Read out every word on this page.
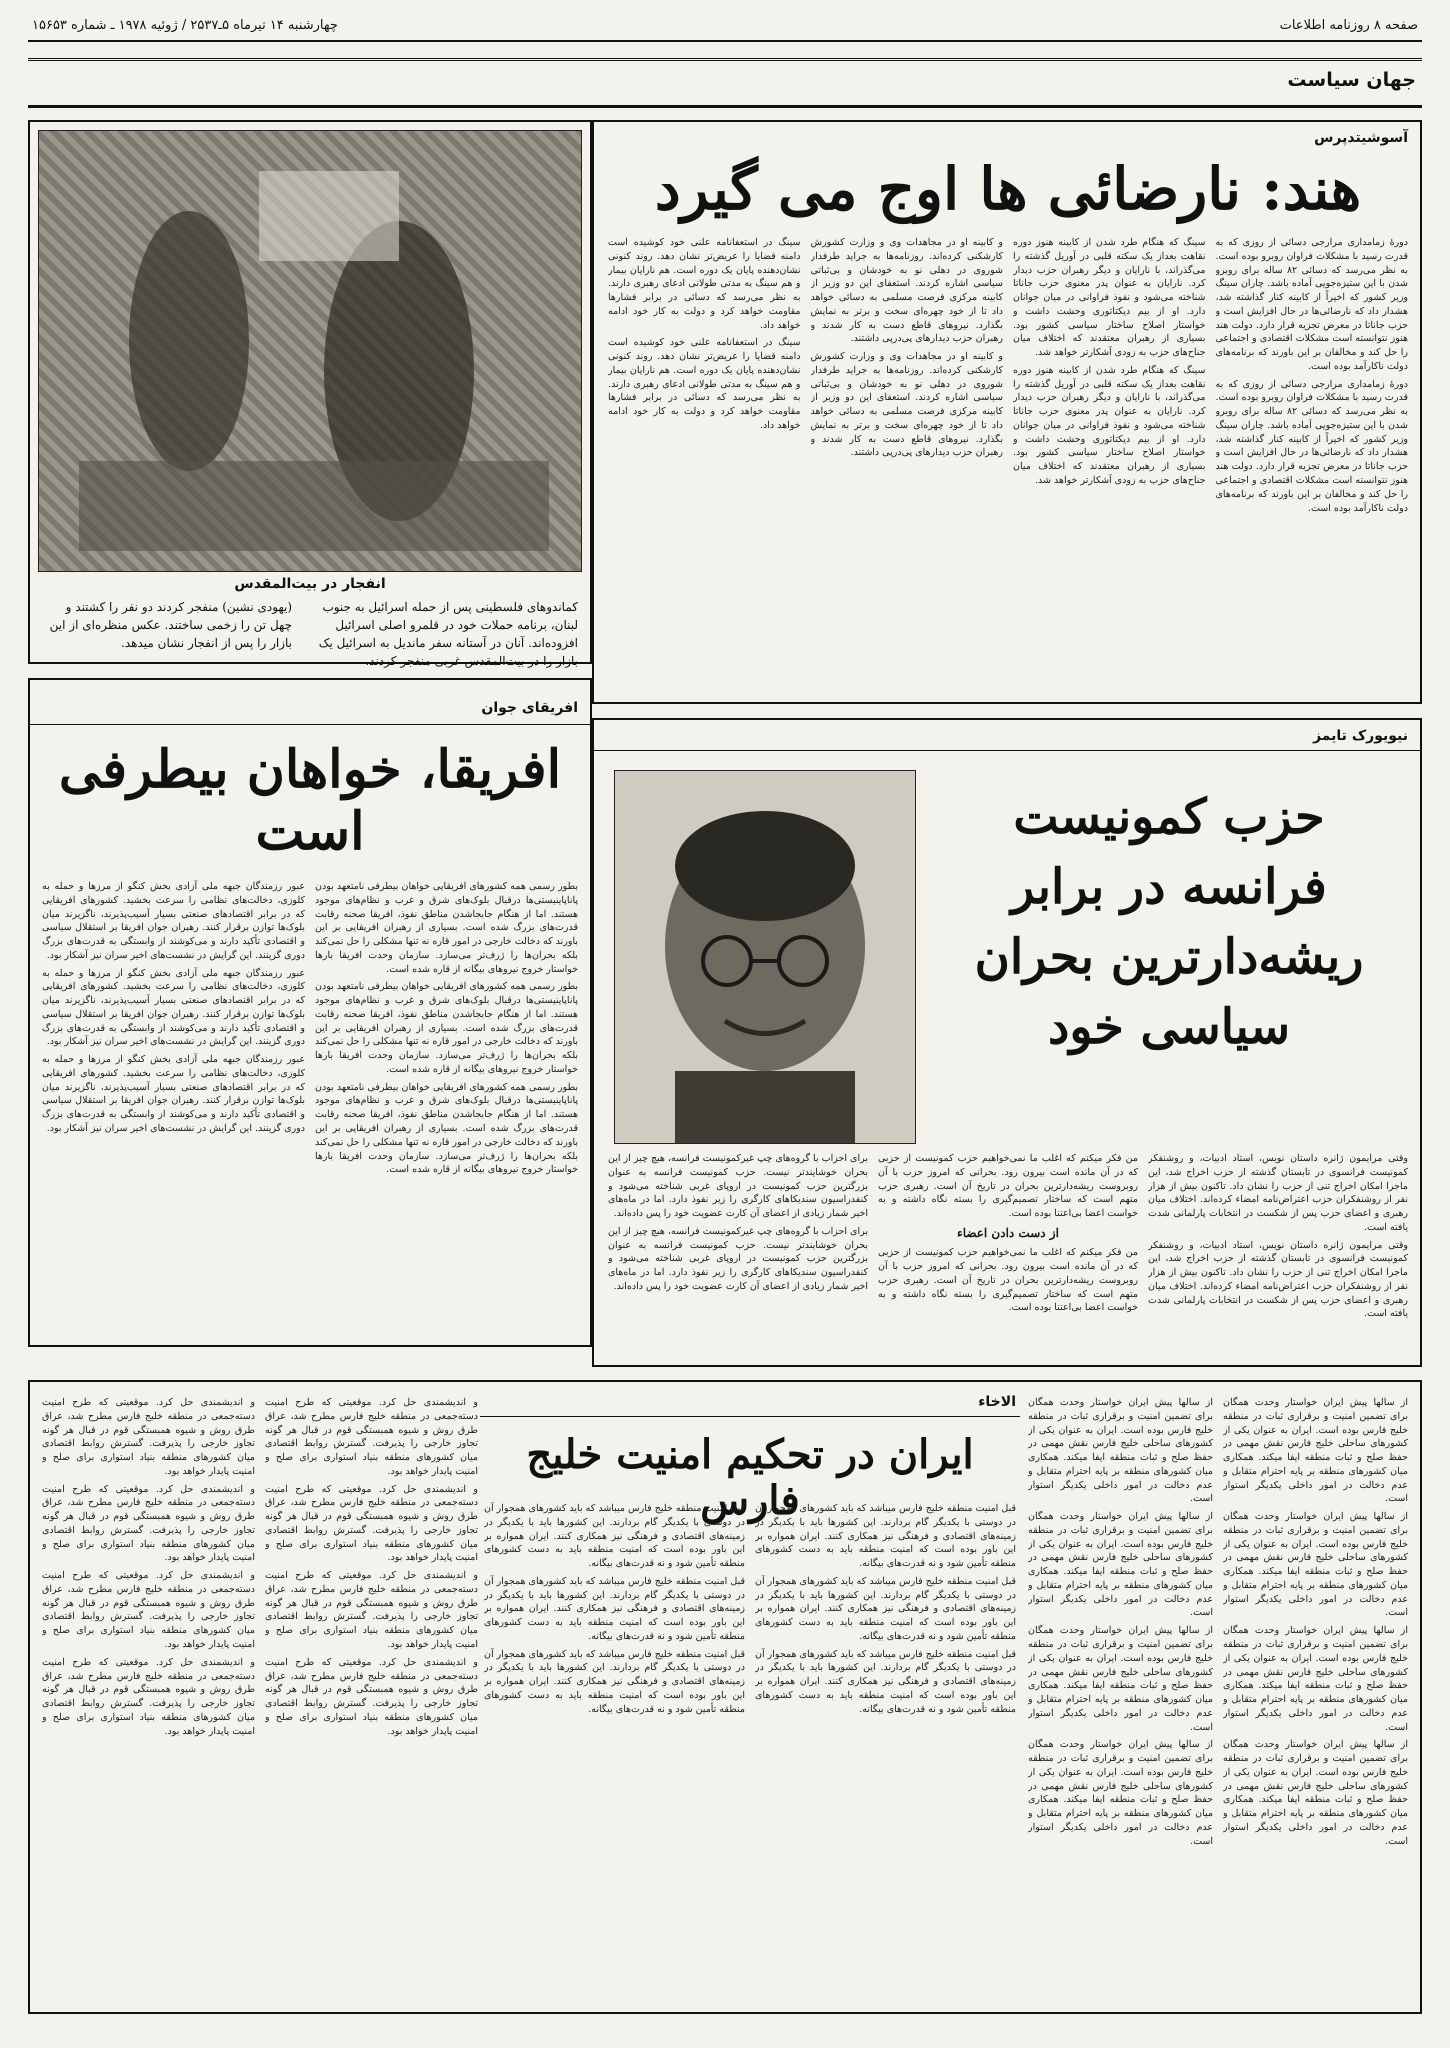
صفحه ۸ روزنامه اطلاعات
چهارشنبه ۱۴ تیرماه ۵ـ۲۵۳۷ / ژوئیه ۱۹۷۸ ـ شماره ۱۵۶۵۳
جهان سیاست
آسوشیتدپرس
هند: نارضائی ها اوج می گیرد

دورۀ زمامداری مرارجی دسائی از روزی که به قدرت رسید با مشکلات فراوان روبرو بوده است. به نظر می‌رسد که دسائی ۸۲ ساله برای روبرو شدن با این ستیزه‌جویی آماده باشد. چاران سینگ وزیر کشور که اخیراً از کابینه کنار گذاشته شد، هشدار داد که نارضائی‌ها در حال افزایش است و حزب جاناتا در معرض تجزیه قرار دارد. دولت هند هنوز نتوانسته است مشکلات اقتصادی و اجتماعی را حل کند و مخالفان بر این باورند که برنامه‌های دولت ناکارآمد بوده است.

دورۀ زمامداری مرارجی دسائی از روزی که به قدرت رسید با مشکلات فراوان روبرو بوده است. به نظر می‌رسد که دسائی ۸۲ ساله برای روبرو شدن با این ستیزه‌جویی آماده باشد. چاران سینگ وزیر کشور که اخیراً از کابینه کنار گذاشته شد، هشدار داد که نارضائی‌ها در حال افزایش است و حزب جاناتا در معرض تجزیه قرار دارد. دولت هند هنوز نتوانسته است مشکلات اقتصادی و اجتماعی را حل کند و مخالفان بر این باورند که برنامه‌های دولت ناکارآمد بوده است.

سینگ که هنگام طرد شدن از کابینه هنوز دوره نقاهت بعداز یک سکته قلبی در آوریل گذشته را می‌گذراند، با نارایان و دیگر رهبران حزب دیدار کرد. نارایان به عنوان پدر معنوی حزب جاناتا شناخته می‌شود و نفوذ فراوانی در میان جوانان دارد. او از بیم دیکتاتوری وحشت داشت و خواستار اصلاح ساختار سیاسی کشور بود. بسیاری از رهبران معتقدند که اختلاف میان جناح‌های حزب به زودی آشکارتر خواهد شد.

سینگ که هنگام طرد شدن از کابینه هنوز دوره نقاهت بعداز یک سکته قلبی در آوریل گذشته را می‌گذراند، با نارایان و دیگر رهبران حزب دیدار کرد. نارایان به عنوان پدر معنوی حزب جاناتا شناخته می‌شود و نفوذ فراوانی در میان جوانان دارد. او از بیم دیکتاتوری وحشت داشت و خواستار اصلاح ساختار سیاسی کشور بود. بسیاری از رهبران معتقدند که اختلاف میان جناح‌های حزب به زودی آشکارتر خواهد شد.

و کابینه او در مجاهدات وی و وزارت کشورش کارشکنی کرده‌اند. روزنامه‌ها به جراید طرفدار شوروی در دهلی نو به خودشان و بی‌ثباتی سیاسی اشاره کردند. استعفای این دو وزیر از کابینه مرکزی فرصت مسلمی به دسائی خواهد داد تا از خود چهره‌ای سخت و برتر به نمایش بگذارد. نیروهای قاطع دست به کار شدند و رهبران حزب دیدارهای پی‌درپی داشتند.

و کابینه او در مجاهدات وی و وزارت کشورش کارشکنی کرده‌اند. روزنامه‌ها به جراید طرفدار شوروی در دهلی نو به خودشان و بی‌ثباتی سیاسی اشاره کردند. استعفای این دو وزیر از کابینه مرکزی فرصت مسلمی به دسائی خواهد داد تا از خود چهره‌ای سخت و برتر به نمایش بگذارد. نیروهای قاطع دست به کار شدند و رهبران حزب دیدارهای پی‌درپی داشتند.

سینگ در استعفانامه علنی خود کوشیده است دامنه قضایا را عریض‌تر نشان دهد. روند کنونی نشان‌دهنده پایان یک دوره است. هم نارایان بیمار و هم سینگ به مدتی طولانی ادعای رهبری دارند. به نظر می‌رسد که دسائی در برابر فشارها مقاومت خواهد کرد و دولت به کار خود ادامه خواهد داد.

سینگ در استعفانامه علنی خود کوشیده است دامنه قضایا را عریض‌تر نشان دهد. روند کنونی نشان‌دهنده پایان یک دوره است. هم نارایان بیمار و هم سینگ به مدتی طولانی ادعای رهبری دارند. به نظر می‌رسد که دسائی در برابر فشارها مقاومت خواهد کرد و دولت به کار خود ادامه خواهد داد.

انفجار در بیت‌المقدس
کماندوهای فلسطینی پس از حمله اسرائیل به جنوب لبنان، برنامه حملات خود در قلمرو اصلی اسرائیل افزوده‌اند. آنان در آستانه سفر ماندیل به اسرائیل یک بازار را در بیت‌المقدس غربی منفجر کردند.
(یهودی نشین) منفجر کردند دو نفر را کشتند و چهل تن را زخمی ساختند. عکس منظره‌ای از این بازار را پس از انفجار نشان میدهد.
افریقای جوان
افریقا، خواهان بیطرفی
است

بطور رسمی همه کشورهای افریقایی خواهان بیطرفی نامتعهد بودن پاناپاینیستی‌ها درقبال بلوک‌های شرق و غرب و نظام‌های موجود هستند. اما از هنگام جابجاشدن مناطق نفوذ، افریقا صحنه رقابت قدرت‌های بزرگ شده است. بسیاری از رهبران افریقایی بر این باورند که دخالت خارجی در امور قاره نه تنها مشکلی را حل نمی‌کند بلکه بحران‌ها را ژرف‌تر می‌سازد. سازمان وحدت افریقا بارها خواستار خروج نیروهای بیگانه از قاره شده است.

بطور رسمی همه کشورهای افریقایی خواهان بیطرفی نامتعهد بودن پاناپاینیستی‌ها درقبال بلوک‌های شرق و غرب و نظام‌های موجود هستند. اما از هنگام جابجاشدن مناطق نفوذ، افریقا صحنه رقابت قدرت‌های بزرگ شده است. بسیاری از رهبران افریقایی بر این باورند که دخالت خارجی در امور قاره نه تنها مشکلی را حل نمی‌کند بلکه بحران‌ها را ژرف‌تر می‌سازد. سازمان وحدت افریقا بارها خواستار خروج نیروهای بیگانه از قاره شده است.

بطور رسمی همه کشورهای افریقایی خواهان بیطرفی نامتعهد بودن پاناپاینیستی‌ها درقبال بلوک‌های شرق و غرب و نظام‌های موجود هستند. اما از هنگام جابجاشدن مناطق نفوذ، افریقا صحنه رقابت قدرت‌های بزرگ شده است. بسیاری از رهبران افریقایی بر این باورند که دخالت خارجی در امور قاره نه تنها مشکلی را حل نمی‌کند بلکه بحران‌ها را ژرف‌تر می‌سازد. سازمان وحدت افریقا بارها خواستار خروج نیروهای بیگانه از قاره شده است.

عبور رزمندگان جبهه ملی آزادی بخش کنگو از مرزها و حمله به کلوزی، دخالت‌های نظامی را سرعت بخشید. کشورهای افریقایی که در برابر اقتصادهای صنعتی بسیار آسیب‌پذیرند، ناگزیرند میان بلوک‌ها توازن برقرار کنند. رهبران جوان افریقا بر استقلال سیاسی و اقتصادی تأکید دارند و می‌کوشند از وابستگی به قدرت‌های بزرگ دوری گزینند. این گرایش در نشست‌های اخیر سران نیز آشکار بود.

عبور رزمندگان جبهه ملی آزادی بخش کنگو از مرزها و حمله به کلوزی، دخالت‌های نظامی را سرعت بخشید. کشورهای افریقایی که در برابر اقتصادهای صنعتی بسیار آسیب‌پذیرند، ناگزیرند میان بلوک‌ها توازن برقرار کنند. رهبران جوان افریقا بر استقلال سیاسی و اقتصادی تأکید دارند و می‌کوشند از وابستگی به قدرت‌های بزرگ دوری گزینند. این گرایش در نشست‌های اخیر سران نیز آشکار بود.

عبور رزمندگان جبهه ملی آزادی بخش کنگو از مرزها و حمله به کلوزی، دخالت‌های نظامی را سرعت بخشید. کشورهای افریقایی که در برابر اقتصادهای صنعتی بسیار آسیب‌پذیرند، ناگزیرند میان بلوک‌ها توازن برقرار کنند. رهبران جوان افریقا بر استقلال سیاسی و اقتصادی تأکید دارند و می‌کوشند از وابستگی به قدرت‌های بزرگ دوری گزینند. این گرایش در نشست‌های اخیر سران نیز آشکار بود.

نیویورک تایمز
حزب کمونیست
فرانسه در برابر
ریشه‌دارترین بحران
سیاسی خود

وقتی مرایمون ژانره داستان نویس، استاد ادبیات، و روشنفکر کمونیست فرانسوی در تابستان گذشته از حزب اخراج شد، این ماجرا امکان اخراج تنی از حزب را نشان داد. تاکنون بیش از هزار نفر از روشنفکران حزب اعتراض‌نامه امضاء کرده‌اند. اختلاف میان رهبری و اعضای حزب پس از شکست در انتخابات پارلمانی شدت یافته است.

وقتی مرایمون ژانره داستان نویس، استاد ادبیات، و روشنفکر کمونیست فرانسوی در تابستان گذشته از حزب اخراج شد، این ماجرا امکان اخراج تنی از حزب را نشان داد. تاکنون بیش از هزار نفر از روشنفکران حزب اعتراض‌نامه امضاء کرده‌اند. اختلاف میان رهبری و اعضای حزب پس از شکست در انتخابات پارلمانی شدت یافته است.

من فکر میکنم که اغلب ما نمی‌خواهیم حزب کمونیست از حزبی که در آن مانده است بیرون رود. بحرانی که امروز حزب با آن روبروست ریشه‌دارترین بحران در تاریخ آن است. رهبری حزب متهم است که ساختار تصمیم‌گیری را بسته نگاه داشته و به خواست اعضا بی‌اعتنا بوده است.

از دست دادن اعضاء

من فکر میکنم که اغلب ما نمی‌خواهیم حزب کمونیست از حزبی که در آن مانده است بیرون رود. بحرانی که امروز حزب با آن روبروست ریشه‌دارترین بحران در تاریخ آن است. رهبری حزب متهم است که ساختار تصمیم‌گیری را بسته نگاه داشته و به خواست اعضا بی‌اعتنا بوده است.

برای احزاب با گروه‌های چپ غیرکمونیست فرانسه، هیچ چیز از این بحران خوشایندتر نیست. حزب کمونیست فرانسه به عنوان بزرگترین حزب کمونیست در اروپای غربی شناخته می‌شود و کنفدراسیون سندیکاهای کارگری را زیر نفوذ دارد. اما در ماه‌های اخیر شمار زیادی از اعضای آن کارت عضویت خود را پس داده‌اند.

برای احزاب با گروه‌های چپ غیرکمونیست فرانسه، هیچ چیز از این بحران خوشایندتر نیست. حزب کمونیست فرانسه به عنوان بزرگترین حزب کمونیست در اروپای غربی شناخته می‌شود و کنفدراسیون سندیکاهای کارگری را زیر نفوذ دارد. اما در ماه‌های اخیر شمار زیادی از اعضای آن کارت عضویت خود را پس داده‌اند.

از سالها پیش ایران خواستار وحدت همگان برای تضمین امنیت و برقراری ثبات در منطقه خلیج فارس بوده است. ایران به عنوان یکی از کشورهای ساحلی خلیج فارس نقش مهمی در حفظ صلح و ثبات منطقه ایفا میکند. همکاری میان کشورهای منطقه بر پایه احترام متقابل و عدم دخالت در امور داخلی یکدیگر استوار است.

از سالها پیش ایران خواستار وحدت همگان برای تضمین امنیت و برقراری ثبات در منطقه خلیج فارس بوده است. ایران به عنوان یکی از کشورهای ساحلی خلیج فارس نقش مهمی در حفظ صلح و ثبات منطقه ایفا میکند. همکاری میان کشورهای منطقه بر پایه احترام متقابل و عدم دخالت در امور داخلی یکدیگر استوار است.

از سالها پیش ایران خواستار وحدت همگان برای تضمین امنیت و برقراری ثبات در منطقه خلیج فارس بوده است. ایران به عنوان یکی از کشورهای ساحلی خلیج فارس نقش مهمی در حفظ صلح و ثبات منطقه ایفا میکند. همکاری میان کشورهای منطقه بر پایه احترام متقابل و عدم دخالت در امور داخلی یکدیگر استوار است.

از سالها پیش ایران خواستار وحدت همگان برای تضمین امنیت و برقراری ثبات در منطقه خلیج فارس بوده است. ایران به عنوان یکی از کشورهای ساحلی خلیج فارس نقش مهمی در حفظ صلح و ثبات منطقه ایفا میکند. همکاری میان کشورهای منطقه بر پایه احترام متقابل و عدم دخالت در امور داخلی یکدیگر استوار است.

از سالها پیش ایران خواستار وحدت همگان برای تضمین امنیت و برقراری ثبات در منطقه خلیج فارس بوده است. ایران به عنوان یکی از کشورهای ساحلی خلیج فارس نقش مهمی در حفظ صلح و ثبات منطقه ایفا میکند. همکاری میان کشورهای منطقه بر پایه احترام متقابل و عدم دخالت در امور داخلی یکدیگر استوار است.

از سالها پیش ایران خواستار وحدت همگان برای تضمین امنیت و برقراری ثبات در منطقه خلیج فارس بوده است. ایران به عنوان یکی از کشورهای ساحلی خلیج فارس نقش مهمی در حفظ صلح و ثبات منطقه ایفا میکند. همکاری میان کشورهای منطقه بر پایه احترام متقابل و عدم دخالت در امور داخلی یکدیگر استوار است.

از سالها پیش ایران خواستار وحدت همگان برای تضمین امنیت و برقراری ثبات در منطقه خلیج فارس بوده است. ایران به عنوان یکی از کشورهای ساحلی خلیج فارس نقش مهمی در حفظ صلح و ثبات منطقه ایفا میکند. همکاری میان کشورهای منطقه بر پایه احترام متقابل و عدم دخالت در امور داخلی یکدیگر استوار است.

از سالها پیش ایران خواستار وحدت همگان برای تضمین امنیت و برقراری ثبات در منطقه خلیج فارس بوده است. ایران به عنوان یکی از کشورهای ساحلی خلیج فارس نقش مهمی در حفظ صلح و ثبات منطقه ایفا میکند. همکاری میان کشورهای منطقه بر پایه احترام متقابل و عدم دخالت در امور داخلی یکدیگر استوار است.

الاخاء
ایران در تحکیم امنیت خلیج فارس

قبل امنیت منطقه خلیج فارس میباشد که باید کشورهای همجوار آن در دوستی با یکدیگر گام بردارند. این کشورها باید با یکدیگر در زمینه‌های اقتصادی و فرهنگی نیز همکاری کنند. ایران همواره بر این باور بوده است که امنیت منطقه باید به دست کشورهای منطقه تأمین شود و نه قدرت‌های بیگانه.

قبل امنیت منطقه خلیج فارس میباشد که باید کشورهای همجوار آن در دوستی با یکدیگر گام بردارند. این کشورها باید با یکدیگر در زمینه‌های اقتصادی و فرهنگی نیز همکاری کنند. ایران همواره بر این باور بوده است که امنیت منطقه باید به دست کشورهای منطقه تأمین شود و نه قدرت‌های بیگانه.

قبل امنیت منطقه خلیج فارس میباشد که باید کشورهای همجوار آن در دوستی با یکدیگر گام بردارند. این کشورها باید با یکدیگر در زمینه‌های اقتصادی و فرهنگی نیز همکاری کنند. ایران همواره بر این باور بوده است که امنیت منطقه باید به دست کشورهای منطقه تأمین شود و نه قدرت‌های بیگانه.

قبل امنیت منطقه خلیج فارس میباشد که باید کشورهای همجوار آن در دوستی با یکدیگر گام بردارند. این کشورها باید با یکدیگر در زمینه‌های اقتصادی و فرهنگی نیز همکاری کنند. ایران همواره بر این باور بوده است که امنیت منطقه باید به دست کشورهای منطقه تأمین شود و نه قدرت‌های بیگانه.

قبل امنیت منطقه خلیج فارس میباشد که باید کشورهای همجوار آن در دوستی با یکدیگر گام بردارند. این کشورها باید با یکدیگر در زمینه‌های اقتصادی و فرهنگی نیز همکاری کنند. ایران همواره بر این باور بوده است که امنیت منطقه باید به دست کشورهای منطقه تأمین شود و نه قدرت‌های بیگانه.

قبل امنیت منطقه خلیج فارس میباشد که باید کشورهای همجوار آن در دوستی با یکدیگر گام بردارند. این کشورها باید با یکدیگر در زمینه‌های اقتصادی و فرهنگی نیز همکاری کنند. ایران همواره بر این باور بوده است که امنیت منطقه باید به دست کشورهای منطقه تأمین شود و نه قدرت‌های بیگانه.

و اندیشمندی حل کرد. موقعیتی که طرح امنیت دسته‌جمعی در منطقه خلیج فارس مطرح شد، عراق طرق روش و شیوه همبستگی قوم در قبال هر گونه تجاوز خارجی را پذیرفت. گسترش روابط اقتصادی میان کشورهای منطقه بنیاد استواری برای صلح و امنیت پایدار خواهد بود.

و اندیشمندی حل کرد. موقعیتی که طرح امنیت دسته‌جمعی در منطقه خلیج فارس مطرح شد، عراق طرق روش و شیوه همبستگی قوم در قبال هر گونه تجاوز خارجی را پذیرفت. گسترش روابط اقتصادی میان کشورهای منطقه بنیاد استواری برای صلح و امنیت پایدار خواهد بود.

و اندیشمندی حل کرد. موقعیتی که طرح امنیت دسته‌جمعی در منطقه خلیج فارس مطرح شد، عراق طرق روش و شیوه همبستگی قوم در قبال هر گونه تجاوز خارجی را پذیرفت. گسترش روابط اقتصادی میان کشورهای منطقه بنیاد استواری برای صلح و امنیت پایدار خواهد بود.

و اندیشمندی حل کرد. موقعیتی که طرح امنیت دسته‌جمعی در منطقه خلیج فارس مطرح شد، عراق طرق روش و شیوه همبستگی قوم در قبال هر گونه تجاوز خارجی را پذیرفت. گسترش روابط اقتصادی میان کشورهای منطقه بنیاد استواری برای صلح و امنیت پایدار خواهد بود.

و اندیشمندی حل کرد. موقعیتی که طرح امنیت دسته‌جمعی در منطقه خلیج فارس مطرح شد، عراق طرق روش و شیوه همبستگی قوم در قبال هر گونه تجاوز خارجی را پذیرفت. گسترش روابط اقتصادی میان کشورهای منطقه بنیاد استواری برای صلح و امنیت پایدار خواهد بود.

و اندیشمندی حل کرد. موقعیتی که طرح امنیت دسته‌جمعی در منطقه خلیج فارس مطرح شد، عراق طرق روش و شیوه همبستگی قوم در قبال هر گونه تجاوز خارجی را پذیرفت. گسترش روابط اقتصادی میان کشورهای منطقه بنیاد استواری برای صلح و امنیت پایدار خواهد بود.

و اندیشمندی حل کرد. موقعیتی که طرح امنیت دسته‌جمعی در منطقه خلیج فارس مطرح شد، عراق طرق روش و شیوه همبستگی قوم در قبال هر گونه تجاوز خارجی را پذیرفت. گسترش روابط اقتصادی میان کشورهای منطقه بنیاد استواری برای صلح و امنیت پایدار خواهد بود.

و اندیشمندی حل کرد. موقعیتی که طرح امنیت دسته‌جمعی در منطقه خلیج فارس مطرح شد، عراق طرق روش و شیوه همبستگی قوم در قبال هر گونه تجاوز خارجی را پذیرفت. گسترش روابط اقتصادی میان کشورهای منطقه بنیاد استواری برای صلح و امنیت پایدار خواهد بود.
